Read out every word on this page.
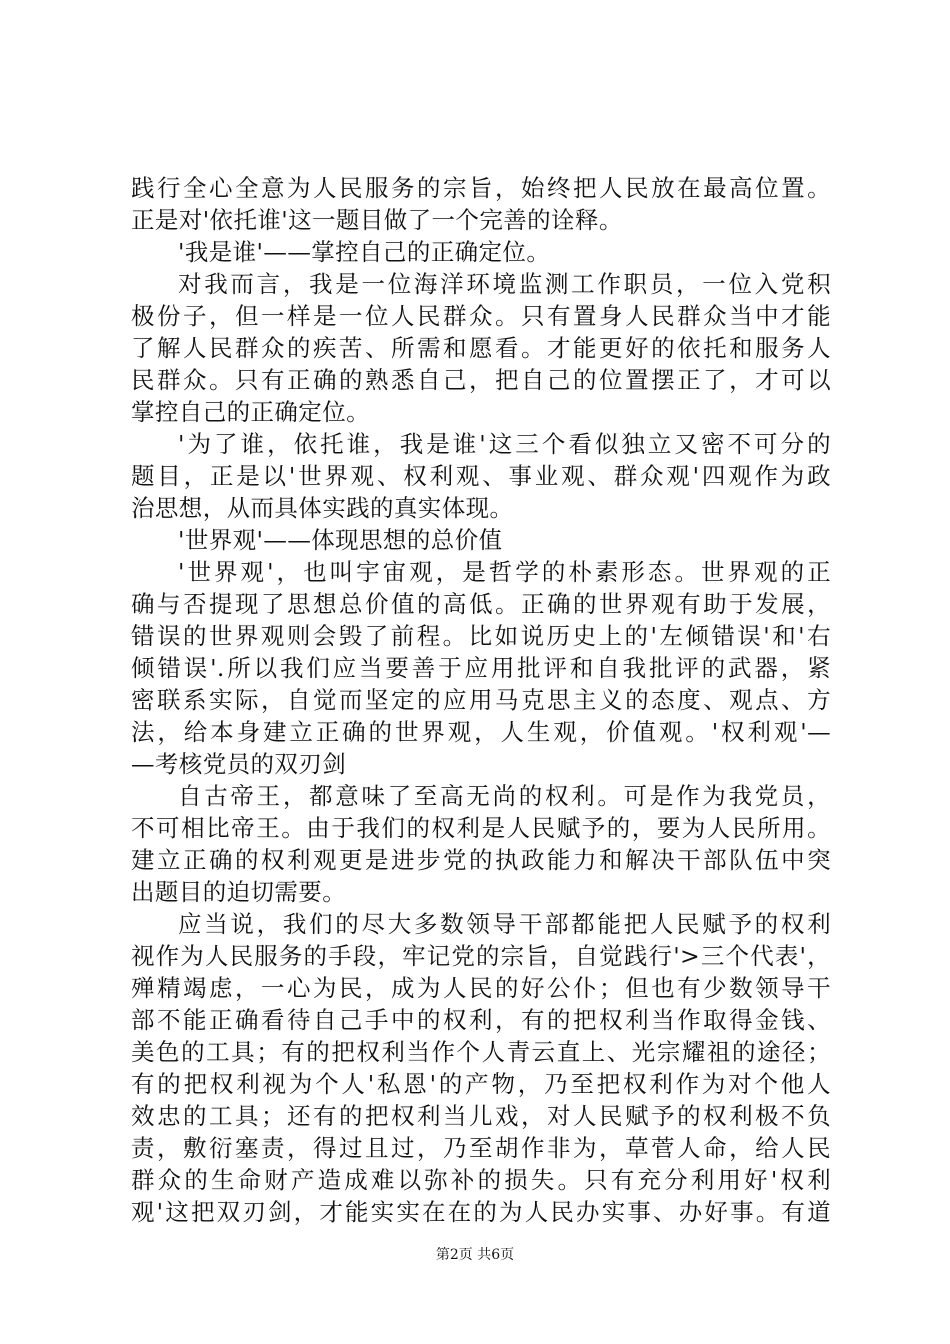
践行全心全意为人民服务的宗旨，始终把人民放在最高位置。
正是对'依托谁'这一题目做了一个完善的诠释。
'我是谁'——掌控自己的正确定位。
对我而言，我是一位海洋环境监测工作职员，一位入党积
极份子，但一样是一位人民群众。只有置身人民群众当中才能
了解人民群众的疾苦、所需和愿看。才能更好的依托和服务人
民群众。只有正确的熟悉自己，把自己的位置摆正了，才可以
掌控自己的正确定位。
'为了谁，依托谁，我是谁'这三个看似独立又密不可分的
题目，正是以'世界观、权利观、事业观、群众观'四观作为政
治思想，从而具体实践的真实体现。
'世界观'——体现思想的总价值
'世界观'，也叫宇宙观，是哲学的朴素形态。世界观的正
确与否提现了思想总价值的高低。正确的世界观有助于发展，
错误的世界观则会毁了前程。比如说历史上的'左倾错误'和'右
倾错误'.所以我们应当要善于应用批评和自我批评的武器，紧
密联系实际，自觉而坚定的应用马克思主义的态度、观点、方
法，给本身建立正确的世界观，人生观，价值观。'权利观'—
—考核党员的双刃剑
自古帝王，都意味了至高无尚的权利。可是作为我党员，
不可相比帝王。由于我们的权利是人民赋予的，要为人民所用。
建立正确的权利观更是进步党的执政能力和解决干部队伍中突
出题目的迫切需要。
应当说，我们的尽大多数领导干部都能把人民赋予的权利
视作为人民服务的手段，牢记党的宗旨，自觉践行'>三个代表'，
殚精竭虑，一心为民，成为人民的好公仆；但也有少数领导干
部不能正确看待自己手中的权利，有的把权利当作取得金钱、
美色的工具；有的把权利当作个人青云直上、光宗耀祖的途径；
有的把权利视为个人'私恩'的产物，乃至把权利作为对个他人
效忠的工具；还有的把权利当儿戏，对人民赋予的权利极不负
责，敷衍塞责，得过且过，乃至胡作非为，草菅人命，给人民
群众的生命财产造成难以弥补的损失。只有充分利用好'权利
观'这把双刃剑，才能实实在在的为人民办实事、办好事。有道
第2页 共6页
